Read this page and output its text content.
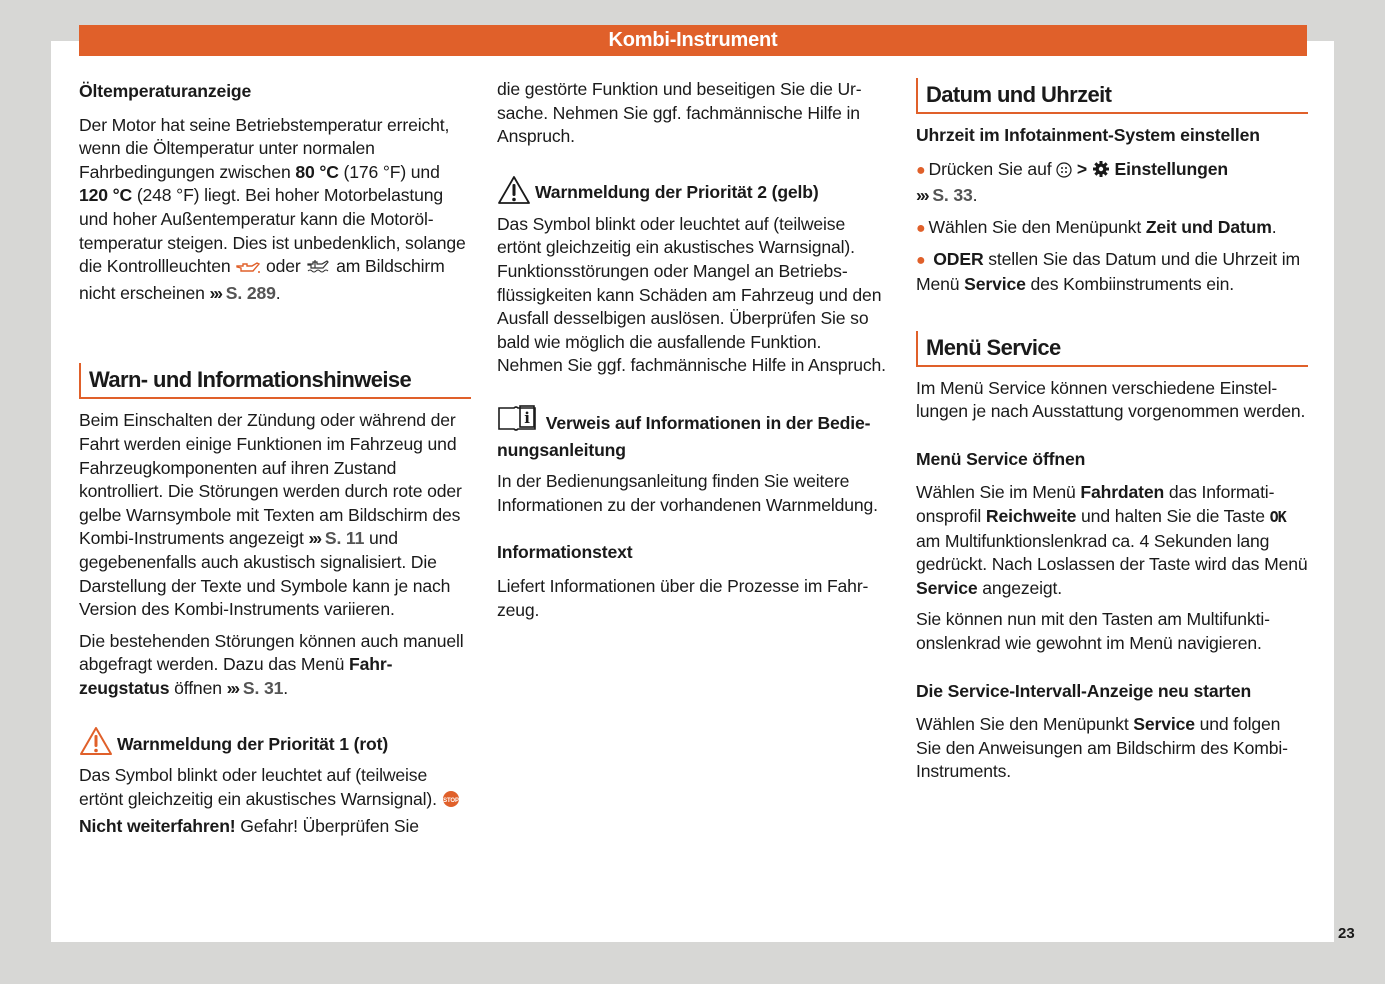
Kombi-Instrument

Öltemperaturanzeige

Der Motor hat seine Betriebstemperatur erreicht, wenn die Öltemperatur unter normalen Fahrbedingungen zwischen 80 °C (176 °F) und 120 °C (248 °F) liegt. Bei hoher Motorbelastung und hoher Außentemperatur kann die Motoröltemperatur steigen. Dies ist unbedenklich, solange die Kontrollleuchten  oder  am Bildschirm nicht erscheinen ››› S. 289.

Warn- und Informationshinweise

Beim Einschalten der Zündung oder während der Fahrt werden einige Funktionen im Fahrzeug und Fahrzeugkomponenten auf ihren Zustand kontrolliert. Die Störungen werden durch rote oder gelbe Warnsymbole mit Texten am Bildschirm des Kombi-Instruments angezeigt ››› S. 11 und gegebenenfalls auch akustisch signalisiert. Die Darstellung der Texte und Symbole kann je nach Version des Kombi-Instruments variieren.

Die bestehenden Störungen können auch manuell abgefragt werden. Dazu das Menü Fahrzeugstatus öffnen ››› S. 31.

Warnmeldung der Priorität 1 (rot)

Das Symbol blinkt oder leuchtet auf (teilweise ertönt gleichzeitig ein akustisches Warnsignal). STOP
Nicht weiterfahren! Gefahr! Überprüfen Sie

die gestörte Funktion und beseitigen Sie die Ursache. Nehmen Sie ggf. fachmännische Hilfe in Anspruch.

Warnmeldung der Priorität 2 (gelb)

Das Symbol blinkt oder leuchtet auf (teilweise ertönt gleichzeitig ein akustisches Warnsignal). Funktionsstörungen oder Mangel an Betriebsflüssigkeiten kann Schäden am Fahrzeug und den Ausfall desselbigen auslösen. Überprüfen Sie so bald wie möglich die ausfallende Funktion. Nehmen Sie ggf. fachmännische Hilfe in Anspruch.

i Verweis auf Informationen in der Bedienungsanleitung

In der Bedienungsanleitung finden Sie weitere Informationen zu der vorhandenen Warnmeldung.

Informationstext

Liefert Informationen über die Prozesse im Fahrzeug.

Datum und Uhrzeit

Uhrzeit im Infotainment-System einstellen

● Drücken Sie auf  >  Einstellungen
››› S. 33.

● Wählen Sie den Menüpunkt Zeit und Datum.

● ODER stellen Sie das Datum und die Uhrzeit im Menü Service des Kombiinstruments ein.

Menü Service

Im Menü Service können verschiedene Einstellungen je nach Ausstattung vorgenommen werden.

Menü Service öffnen

Wählen Sie im Menü Fahrdaten das Informationsprofil Reichweite und halten Sie die Taste OK am Multifunktionslenkrad ca. 4 Sekunden lang gedrückt. Nach Loslassen der Taste wird das Menü Service angezeigt.

Sie können nun mit den Tasten am Multifunktionslenkrad wie gewohnt im Menü navigieren.

Die Service-Intervall-Anzeige neu starten

Wählen Sie den Menüpunkt Service und folgen Sie den Anweisungen am Bildschirm des Kombi-Instruments.

23
